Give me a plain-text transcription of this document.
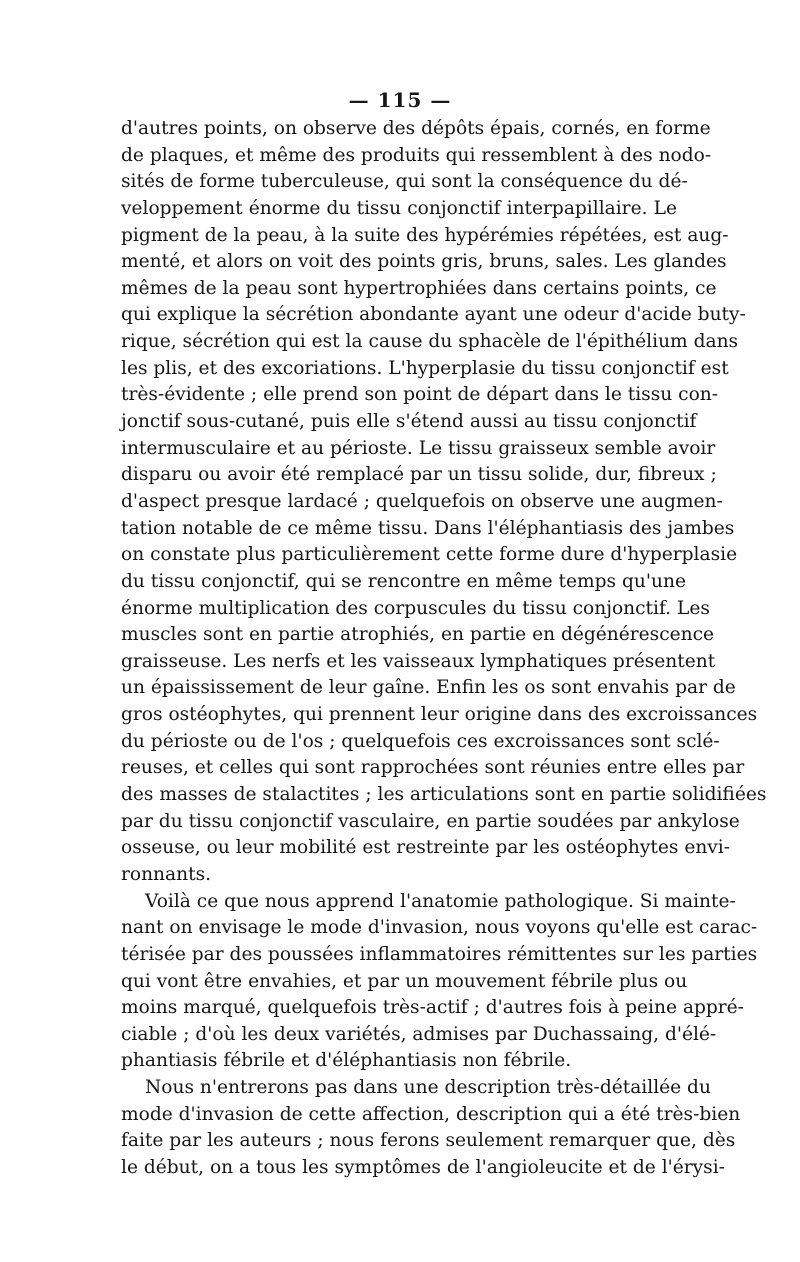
— 115 —
d'autres points, on observe des dépôts épais, cornés, en forme
de plaques, et même des produits qui ressemblent à des nodo-
sités de forme tuberculeuse, qui sont la conséquence du dé-
veloppement énorme du tissu conjonctif interpapillaire. Le
pigment de la peau, à la suite des hypérémies répétées, est aug-
menté, et alors on voit des points gris, bruns, sales. Les glandes
mêmes de la peau sont hypertrophiées dans certains points, ce
qui explique la sécrétion abondante ayant une odeur d'acide buty-
rique, sécrétion qui est la cause du sphacèle de l'épithélium dans
les plis, et des excoriations. L'hyperplasie du tissu conjonctif est
très-évidente ; elle prend son point de départ dans le tissu con-
jonctif sous-cutané, puis elle s'étend aussi au tissu conjonctif
intermusculaire et au périoste. Le tissu graisseux semble avoir
disparu ou avoir été remplacé par un tissu solide, dur, fibreux ;
d'aspect presque lardacé ; quelquefois on observe une augmen-
tation notable de ce même tissu. Dans l'éléphantiasis des jambes
on constate plus particulièrement cette forme dure d'hyperplasie
du tissu conjonctif, qui se rencontre en même temps qu'une
énorme multiplication des corpuscules du tissu conjonctif. Les
muscles sont en partie atrophiés, en partie en dégénérescence
graisseuse. Les nerfs et les vaisseaux lymphatiques présentent
un épaississement de leur gaîne. Enfin les os sont envahis par de
gros ostéophytes, qui prennent leur origine dans des excroissances
du périoste ou de l'os ; quelquefois ces excroissances sont sclé-
reuses, et celles qui sont rapprochées sont réunies entre elles par
des masses de stalactites ; les articulations sont en partie solidifiées
par du tissu conjonctif vasculaire, en partie soudées par ankylose
osseuse, ou leur mobilité est restreinte par les ostéophytes envi-
ronnants.
Voilà ce que nous apprend l'anatomie pathologique. Si mainte-
nant on envisage le mode d'invasion, nous voyons qu'elle est carac-
térisée par des poussées inflammatoires rémittentes sur les parties
qui vont être envahies, et par un mouvement fébrile plus ou
moins marqué, quelquefois très-actif ; d'autres fois à peine appré-
ciable ; d'où les deux variétés, admises par Duchassaing, d'élé-
phantiasis fébrile et d'éléphantiasis non fébrile.
Nous n'entrerons pas dans une description très-détaillée du
mode d'invasion de cette affection, description qui a été très-bien
faite par les auteurs ; nous ferons seulement remarquer que, dès
le début, on a tous les symptômes de l'angioleucite et de l'érysi-
